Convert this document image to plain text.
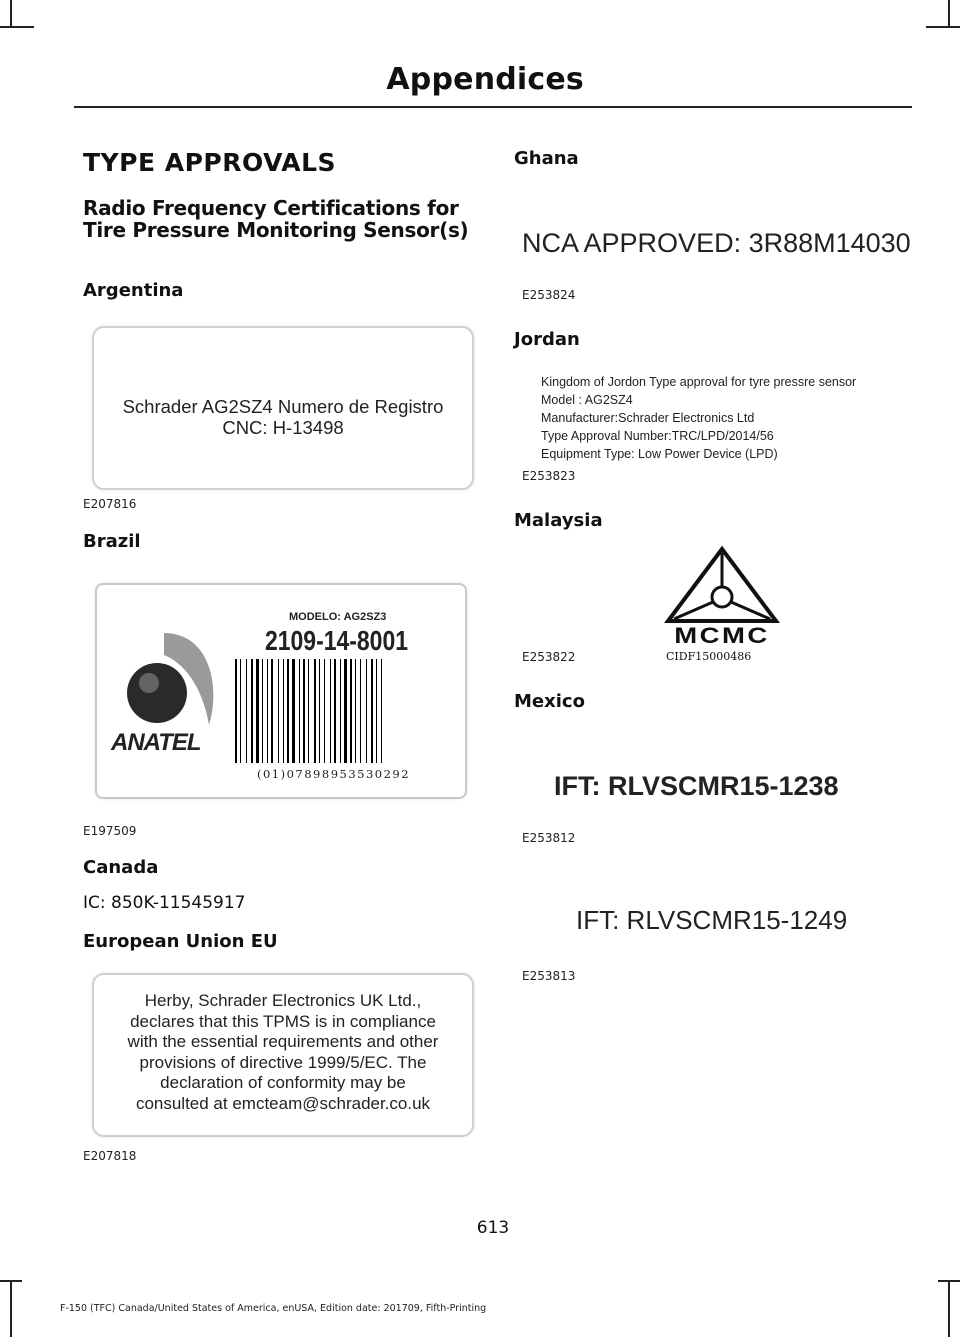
Appendices
TYPE APPROVALS
Radio Frequency Certifications for Tire Pressure Monitoring Sensor(s)
Argentina
Schrader AG2SZ4 Numero de Registro
CNC: H-13498
E207816
Brazil
ANATEL
MODELO: AG2SZ3
2109-14-8001
(01)07898953530292
E197509
Canada
IC: 850K-11545917
European Union EU
Herby, Schrader Electronics UK Ltd.,
declares that this TPMS is in compliance
with the essential requirements and other
provisions of directive 1999/5/EC. The
declaration of conformity may be
consulted at emcteam@schrader.co.uk
E207818
Ghana
NCA APPROVED: 3R88M14030
E253824
Jordan
Kingdom of Jordon Type approval for tyre pressre sensor
Model : AG2SZ4
Manufacturer:Schrader Electronics Ltd
Type Approval Number:TRC/LPD/2014/56
Equipment Type: Low Power Device (LPD)
E253823
Malaysia
MCMC
CIDF15000486
E253822
Mexico
IFT: RLVSCMR15-1238
E253812
IFT: RLVSCMR15-1249
E253813
613
F-150 (TFC) Canada/United States of America, enUSA, Edition date: 201709, Fifth-Printing
